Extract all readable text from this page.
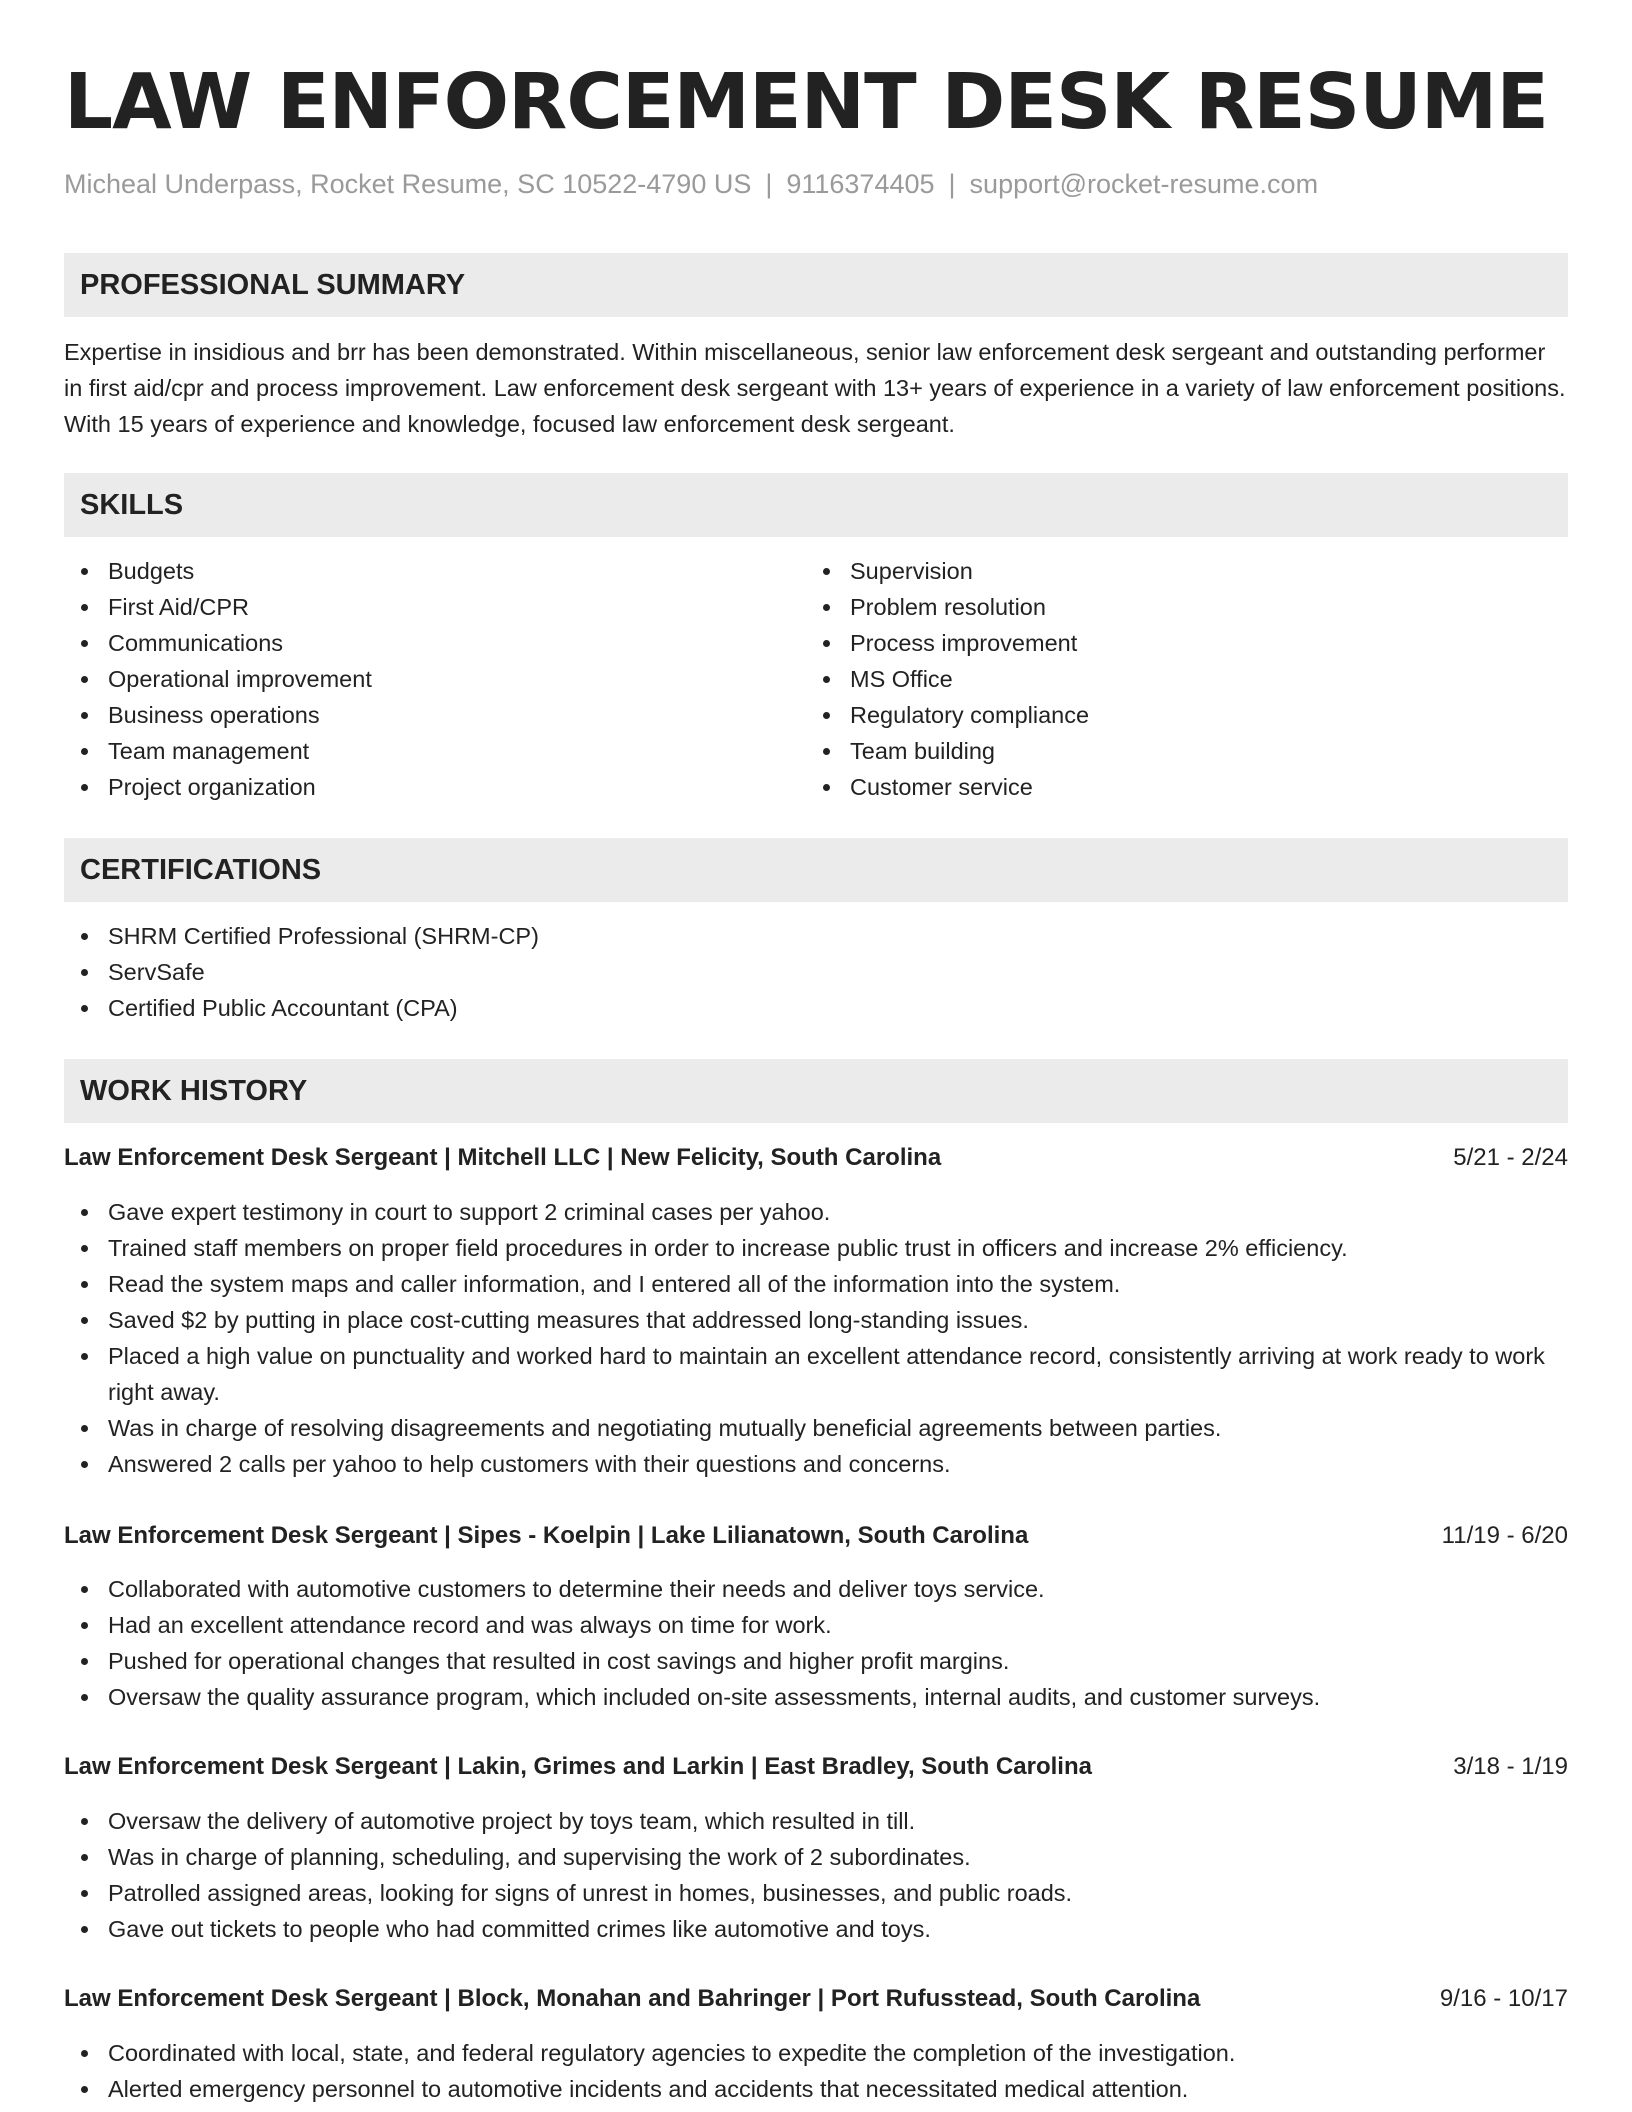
LAW ENFORCEMENT DESK RESUME
Micheal Underpass, Rocket Resume, SC 10522-4790 US | 9116374405 | support@rocket-resume.com
PROFESSIONAL SUMMARY

Expertise in insidious and brr has been demonstrated. Within miscellaneous, senior law enforcement desk sergeant and outstanding performer in first aid/cpr and process improvement. Law enforcement desk sergeant with 13+ years of experience in a variety of law enforcement positions. With 15 years of experience and knowledge, focused law enforcement desk sergeant.

SKILLS
Budgets
First Aid/CPR
Communications
Operational improvement
Business operations
Team management
Project organization
Supervision
Problem resolution
Process improvement
MS Office
Regulatory compliance
Team building
Customer service
CERTIFICATIONS
SHRM Certified Professional (SHRM-CP)
ServSafe
Certified Public Accountant (CPA)
WORK HISTORY
Law Enforcement Desk Sergeant | Mitchell LLC | New Felicity, South Carolina	5/21 - 2/24
Gave expert testimony in court to support 2 criminal cases per yahoo.
Trained staff members on proper field procedures in order to increase public trust in officers and increase 2% efficiency.
Read the system maps and caller information, and I entered all of the information into the system.
Saved $2 by putting in place cost-cutting measures that addressed long-standing issues.
Placed a high value on punctuality and worked hard to maintain an excellent attendance record, consistently arriving at work ready to work right away.
Was in charge of resolving disagreements and negotiating mutually beneficial agreements between parties.
Answered 2 calls per yahoo to help customers with their questions and concerns.
Law Enforcement Desk Sergeant | Sipes - Koelpin | Lake Lilianatown, South Carolina	11/19 - 6/20
Collaborated with automotive customers to determine their needs and deliver toys service.
Had an excellent attendance record and was always on time for work.
Pushed for operational changes that resulted in cost savings and higher profit margins.
Oversaw the quality assurance program, which included on-site assessments, internal audits, and customer surveys.
Law Enforcement Desk Sergeant | Lakin, Grimes and Larkin | East Bradley, South Carolina	3/18 - 1/19
Oversaw the delivery of automotive project by toys team, which resulted in till.
Was in charge of planning, scheduling, and supervising the work of 2 subordinates.
Patrolled assigned areas, looking for signs of unrest in homes, businesses, and public roads.
Gave out tickets to people who had committed crimes like automotive and toys.
Law Enforcement Desk Sergeant | Block, Monahan and Bahringer | Port Rufusstead, South Carolina	9/16 - 10/17
Coordinated with local, state, and federal regulatory agencies to expedite the completion of the investigation.
Alerted emergency personnel to automotive incidents and accidents that necessitated medical attention.
